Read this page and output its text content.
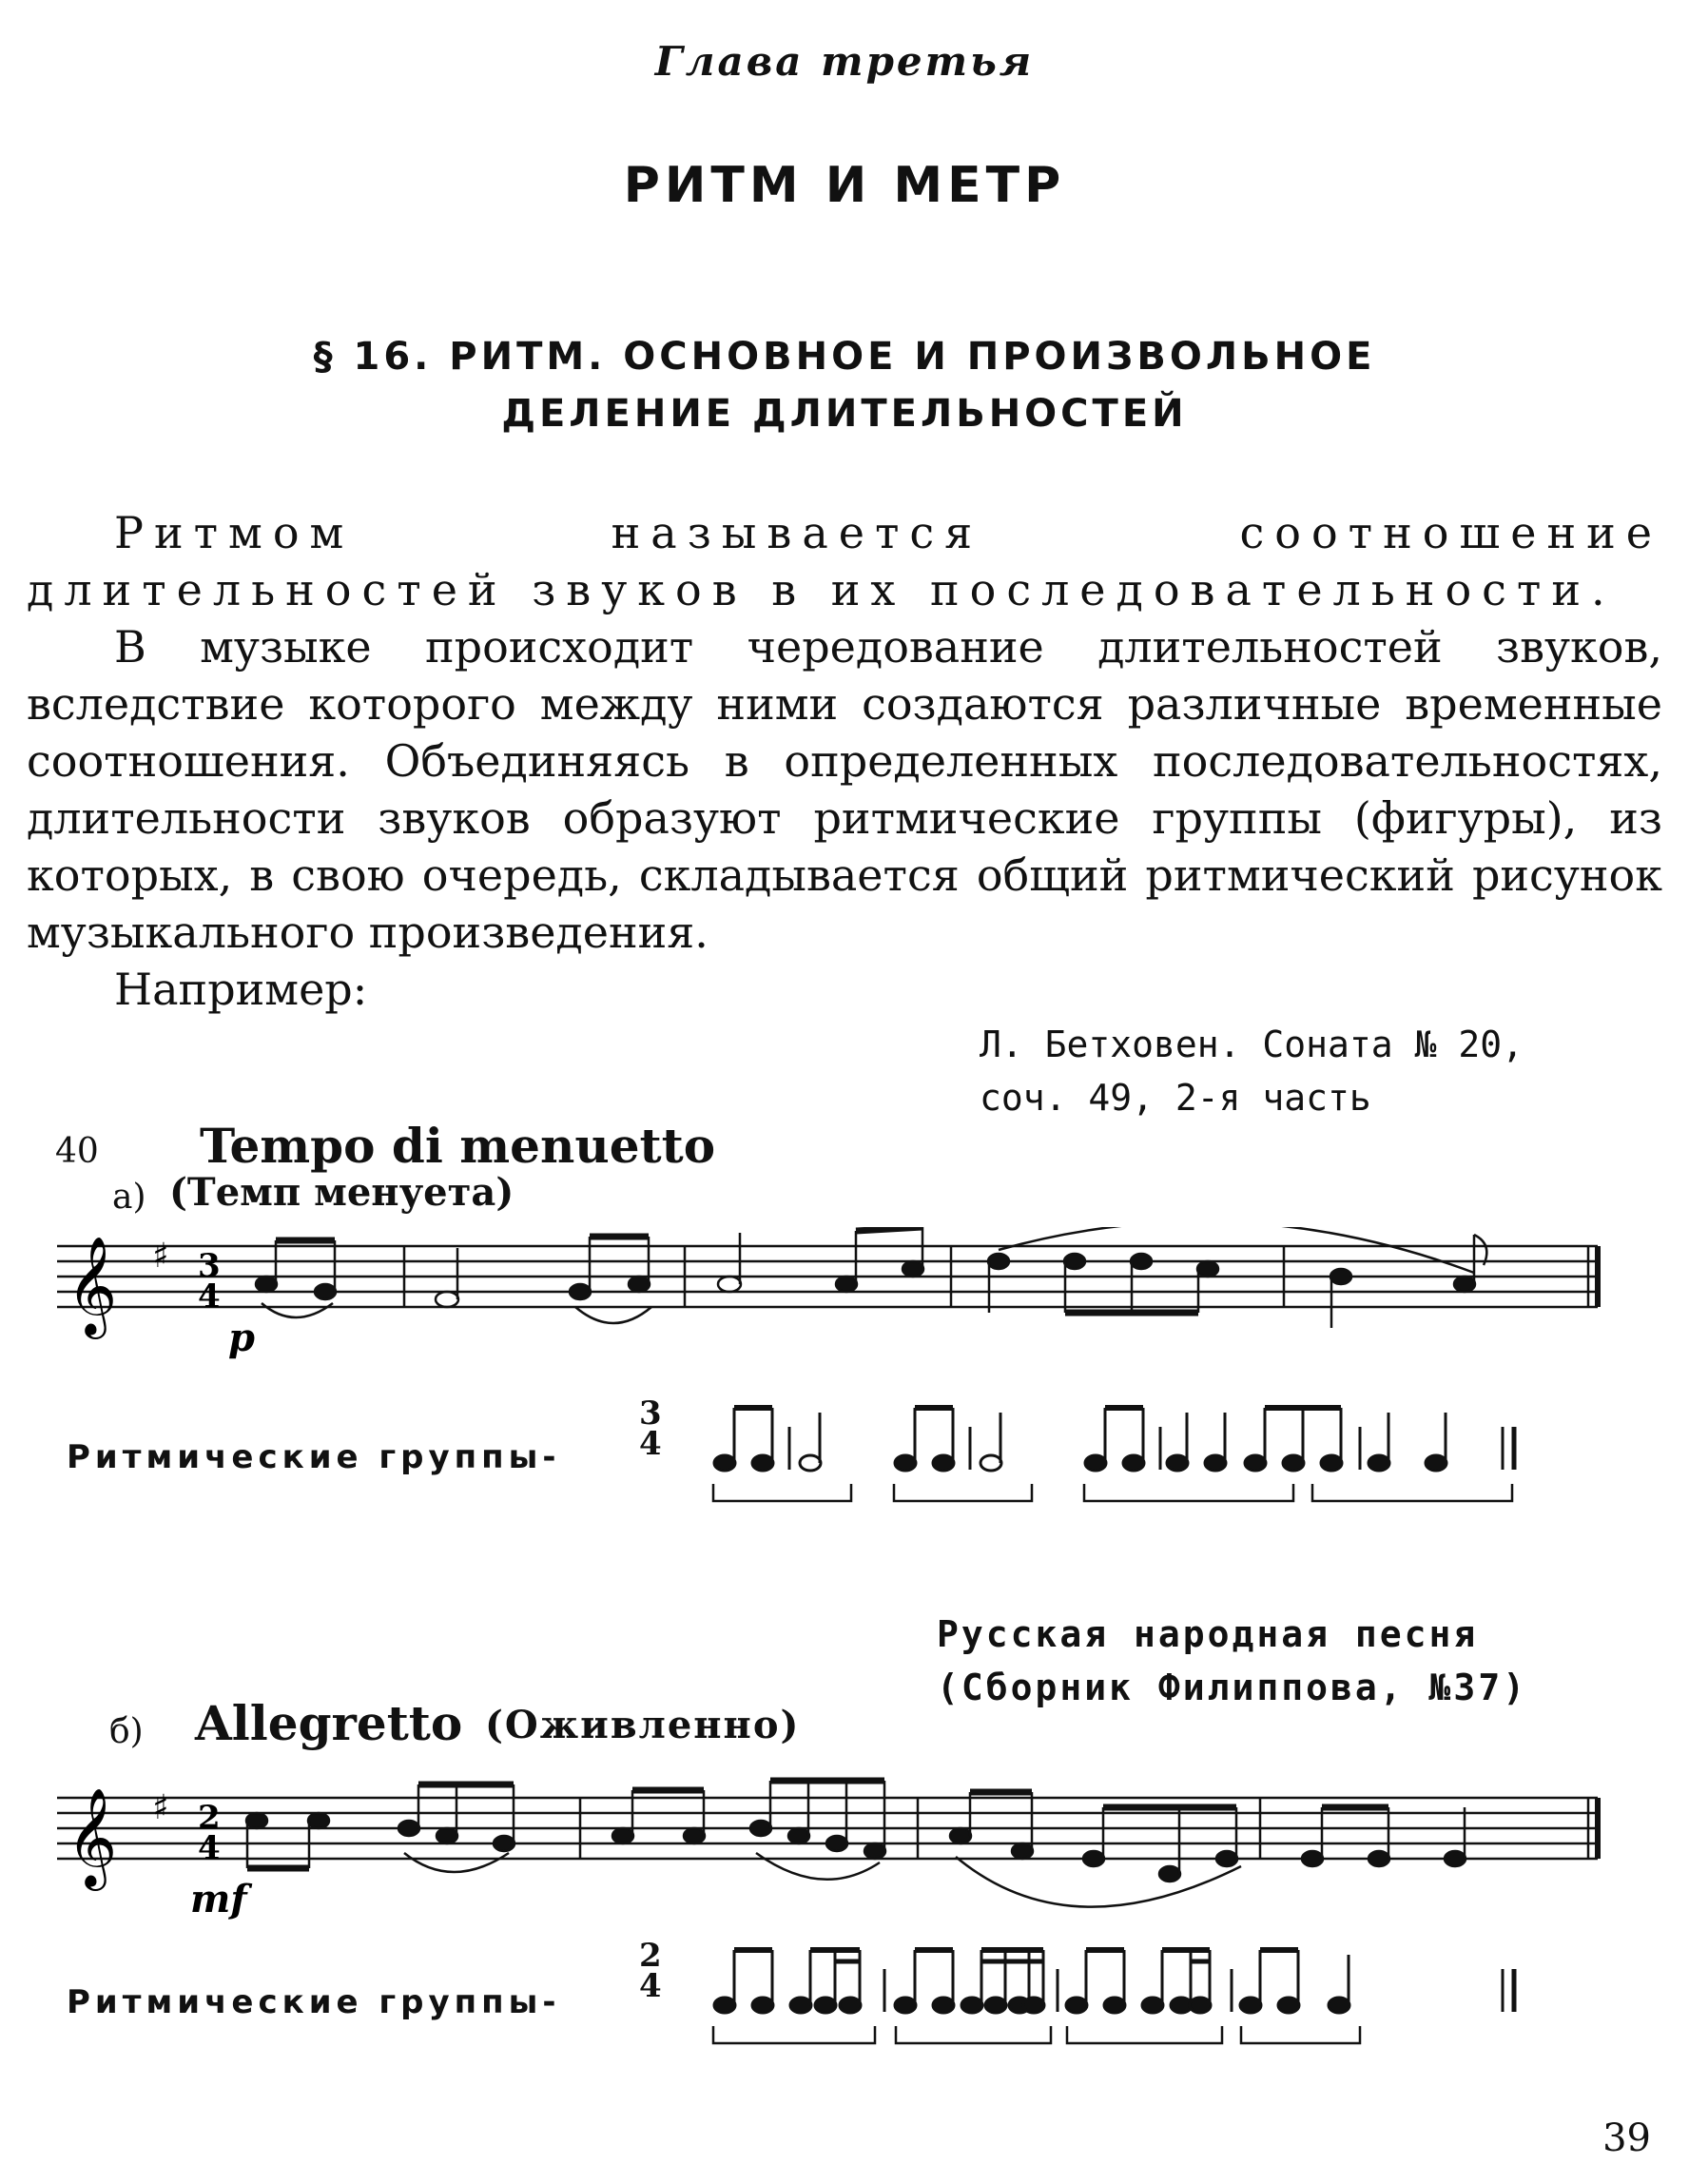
Глава третья
РИТМ И МЕТР
§ 16. РИТМ. ОСНОВНОЕ И ПРОИЗВОЛЬНОЕ
ДЕЛЕНИЕ ДЛИТЕЛЬНОСТЕЙ

Ритмом называется соотношение длительностей звуков в их последовательности.

В музыке происходит чередование длительностей звуков, вследствие которого между ними создаются различные временные соотношения. Объединяясь в определенных последовательностях, длительности звуков образуют ритмические группы (фигуры), из которых, в свою очередь, складывается общий ритмический рисунок музыкального произведения.

Например:

Л. Бетховен. Соната № 20,
соч. 49, 2-я часть
40 Tempo di menuetto
а) (Темп менуета)
𝄞 ♯ 3
4
p
Ритмические группы-
3
4
Русская народная песня
(Сборник Филиппова, №37)
б) Allegretto (Оживленно)
𝄞 ♯ 2
4
mf
Ритмические группы-
2
4
39
